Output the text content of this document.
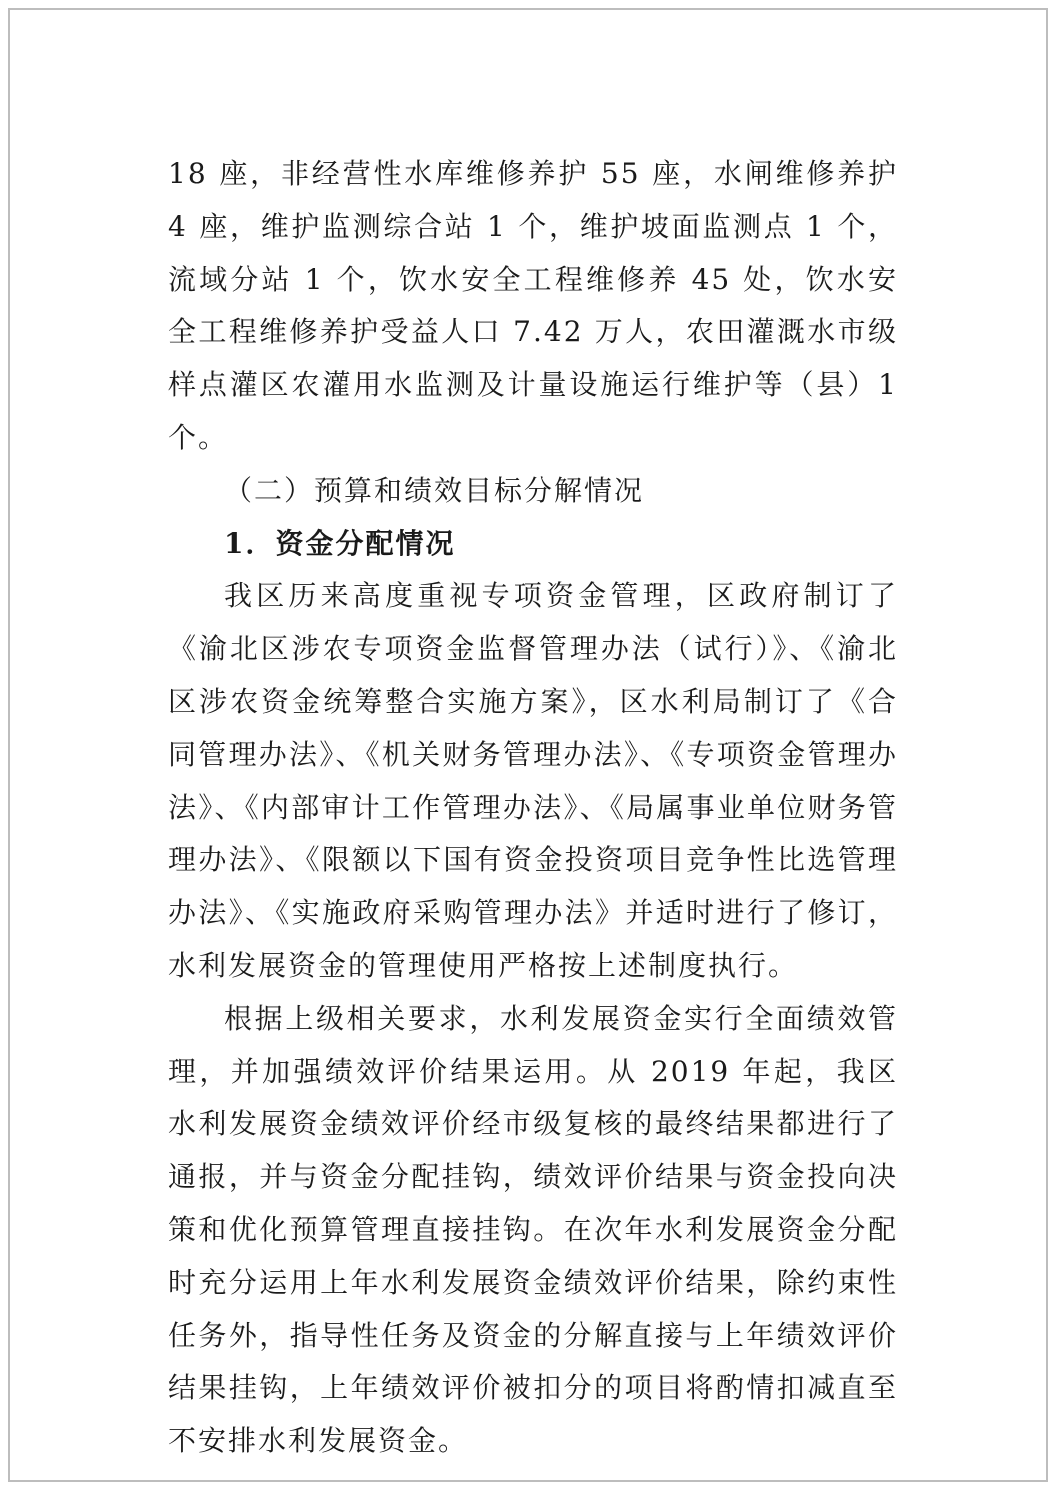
18 座，非经营性水库维修养护 55 座，水闸维修养护 4 座，维护监测综合站 1 个，维护坡面监测点 1 个，流域分站 1 个，饮水安全工程维修养 45 处，饮水安全工程维修养护受益人口 7.42 万人，农田灌溉水市级样点灌区农灌用水监测及计量设施运行维护等（县）1 个。

（二）预算和绩效目标分解情况

1．资金分配情况

我区历来高度重视专项资金管理，区政府制订了《渝北区涉农专项资金监督管理办法（试行）》、《渝北区涉农资金统筹整合实施方案》，区水利局制订了《合同管理办法》、《机关财务管理办法》、《专项资金管理办法》、《内部审计工作管理办法》、《局属事业单位财务管理办法》、《限额以下国有资金投资项目竞争性比选管理办法》、《实施政府采购管理办法》并适时进行了修订，水利发展资金的管理使用严格按上述制度执行。

根据上级相关要求，水利发展资金实行全面绩效管理，并加强绩效评价结果运用。从 2019 年起，我区水利发展资金绩效评价经市级复核的最终结果都进行了通报，并与资金分配挂钩，绩效评价结果与资金投向决策和优化预算管理直接挂钩。在次年水利发展资金分配时充分运用上年水利发展资金绩效评价结果，除约束性任务外，指导性任务及资金的分解直接与上年绩效评价结果挂钩，上年绩效评价被扣分的项目将酌情扣减直至不安排水利发展资金。
